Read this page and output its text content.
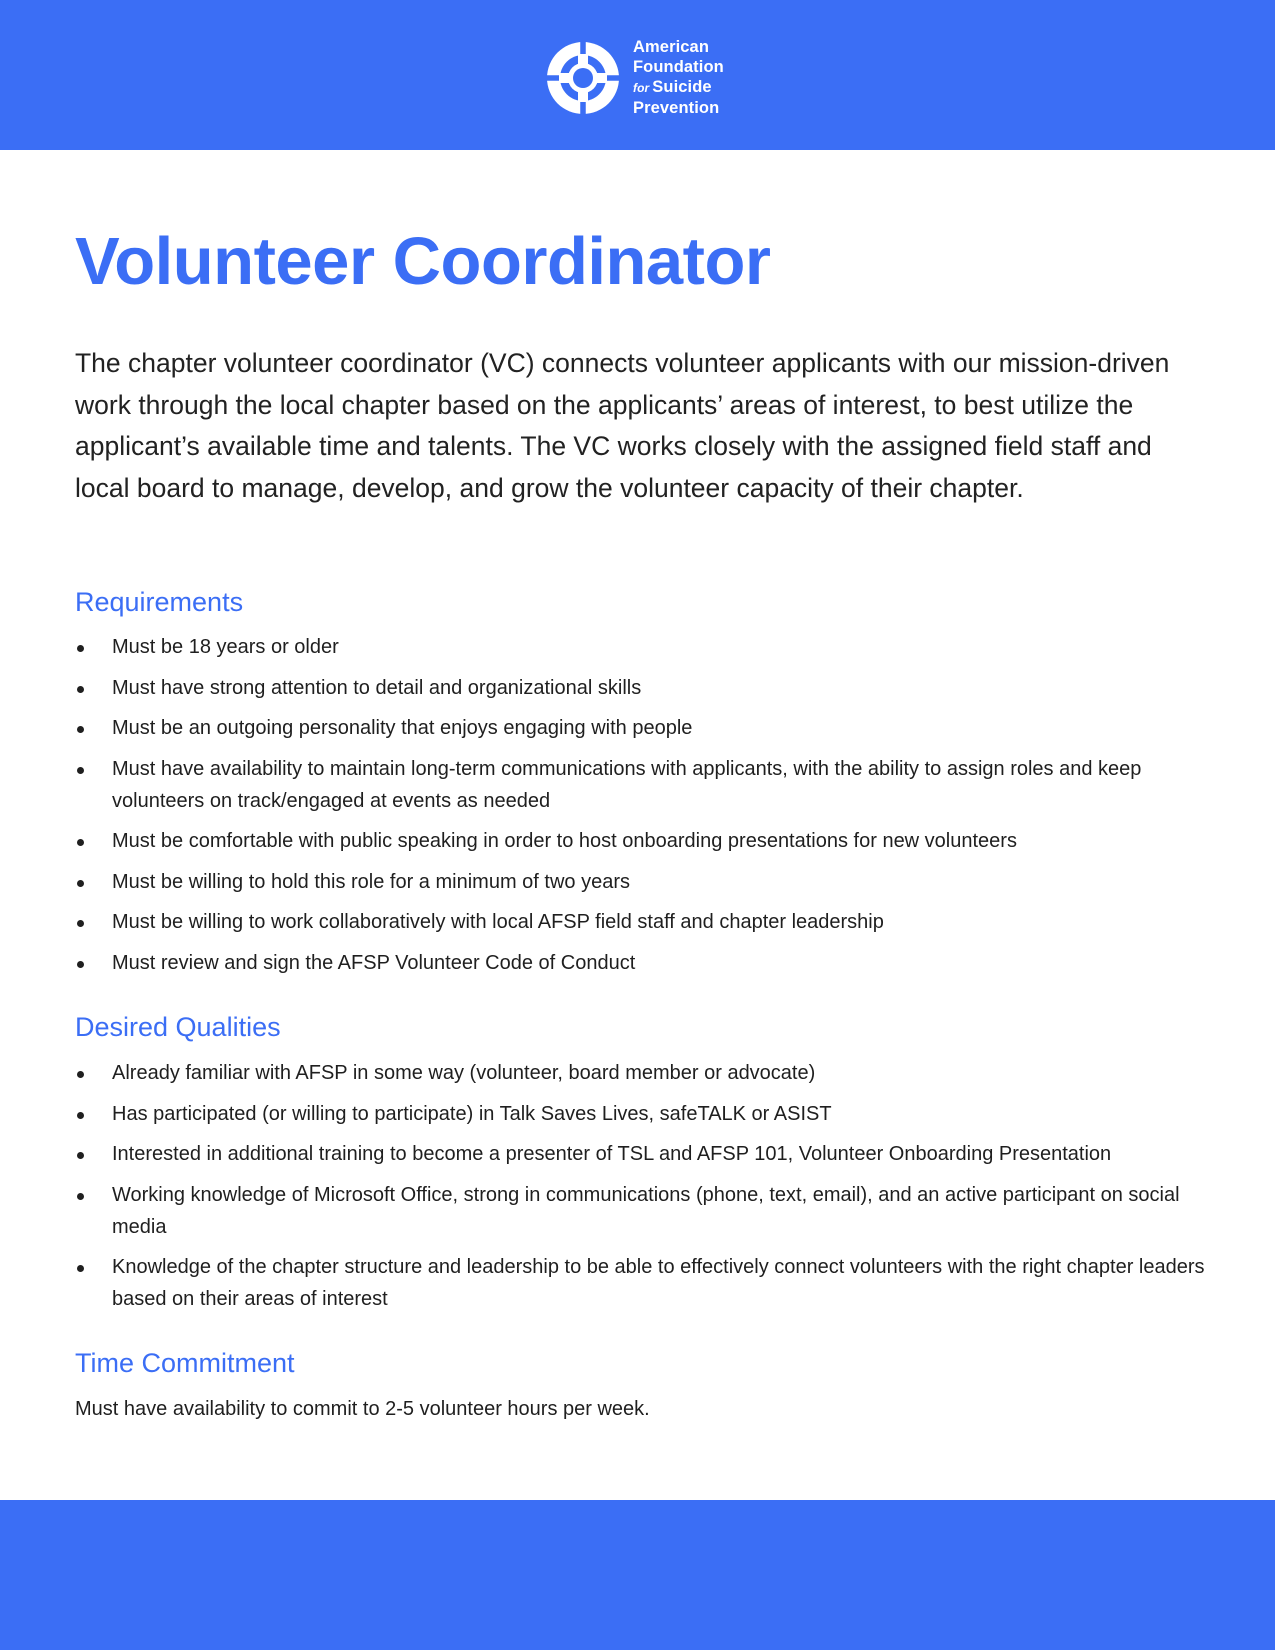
American
Foundation
for Suicide
Prevention
Volunteer Coordinator

The chapter volunteer coordinator (VC) connects volunteer applicants with our mission-driven work through the local chapter based on the applicants’ areas of interest, to best utilize the applicant’s available time and talents. The VC works closely with the assigned field staff and local board to manage, develop, and grow the volunteer capacity of their chapter.

Requirements
Must be 18 years or older
Must have strong attention to detail and organizational skills
Must be an outgoing personality that enjoys engaging with people
Must have availability to maintain long-term communications with applicants, with the ability to assign roles and keep volunteers on track/engaged at events as needed
Must be comfortable with public speaking in order to host onboarding presentations for new volunteers
Must be willing to hold this role for a minimum of two years
Must be willing to work collaboratively with local AFSP field staff and chapter leadership
Must review and sign the AFSP Volunteer Code of Conduct
Desired Qualities
Already familiar with AFSP in some way (volunteer, board member or advocate)
Has participated (or willing to participate) in Talk Saves Lives, safeTALK or ASIST
Interested in additional training to become a presenter of TSL and AFSP 101, Volunteer Onboarding Presentation
Working knowledge of Microsoft Office, strong in communications (phone, text, email), and an active participant on social media
Knowledge of the chapter structure and leadership to be able to effectively connect volunteers with the right chapter leaders based on their areas of interest
Time Commitment

Must have availability to commit to 2-5 volunteer hours per week.
